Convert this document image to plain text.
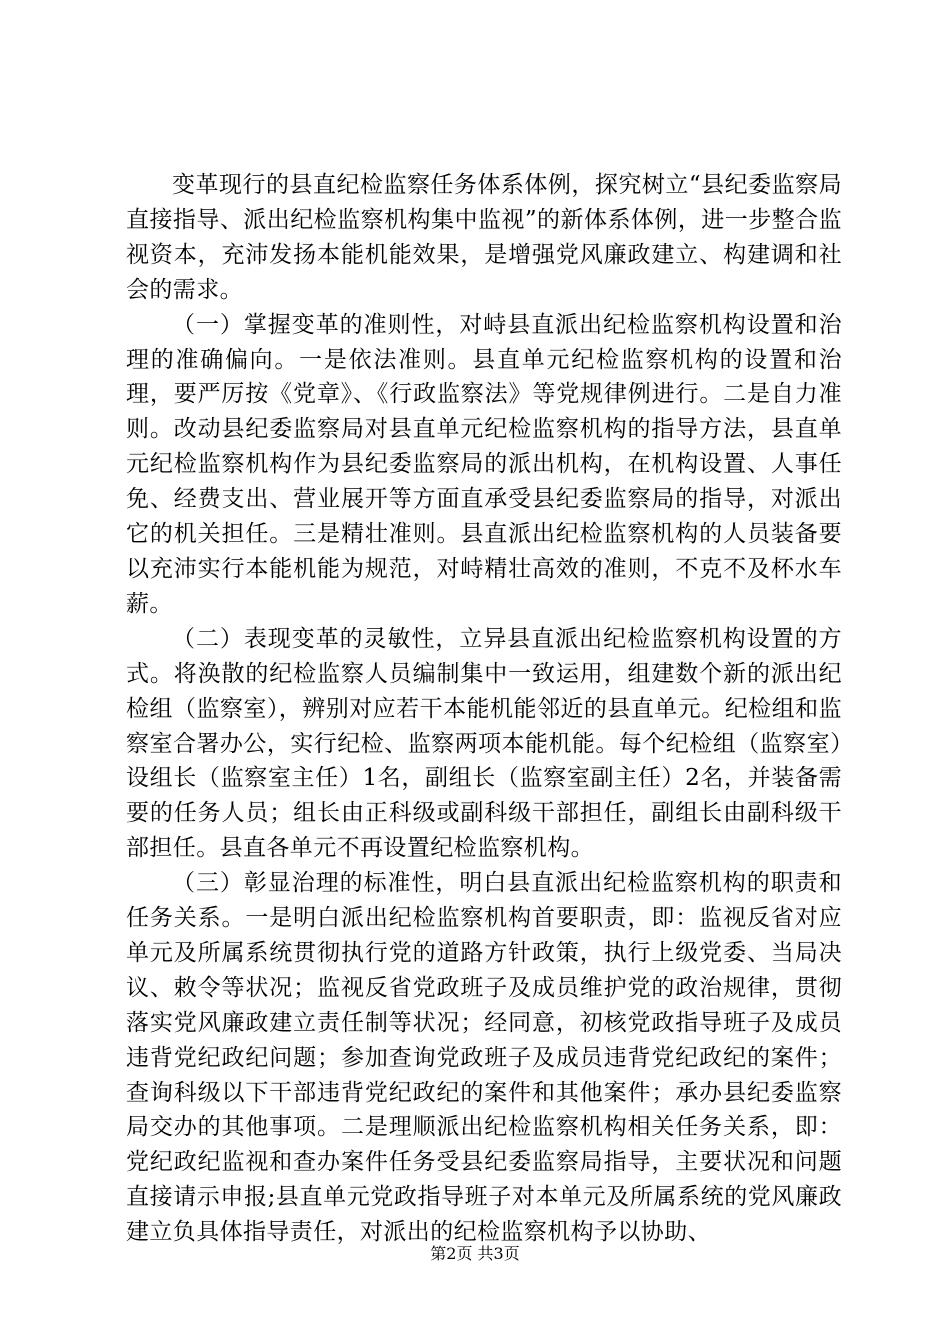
变革现行的县直纪检监察任务体系体例，探究树立“县纪委监察局直接指导、派出纪检监察机构集中监视”的新体系体例，进一步整合监视资本，充沛发扬本能机能效果，是增强党风廉政建立、构建调和社会的需求。

（一）掌握变革的准则性，对峙县直派出纪检监察机构设置和治理的准确偏向。一是依法准则。县直单元纪检监察机构的设置和治理，要严厉按《党章》、《行政监察法》等党规律例进行。二是自力准则。改动县纪委监察局对县直单元纪检监察机构的指导方法，县直单元纪检监察机构作为县纪委监察局的派出机构，在机构设置、人事任免、经费支出、营业展开等方面直承受县纪委监察局的指导，对派出它的机关担任。三是精壮准则。县直派出纪检监察机构的人员装备要以充沛实行本能机能为规范，对峙精壮高效的准则，不克不及杯水车薪。

（二）表现变革的灵敏性，立异县直派出纪检监察机构设置的方式。将涣散的纪检监察人员编制集中一致运用，组建数个新的派出纪检组（监察室），辨别对应若干本能机能邻近的县直单元。纪检组和监察室合署办公，实行纪检、监察两项本能机能。每个纪检组（监察室）设组长（监察室主任）1名，副组长（监察室副主任）2名，并装备需要的任务人员；组长由正科级或副科级干部担任，副组长由副科级干部担任。县直各单元不再设置纪检监察机构。

（三）彰显治理的标准性，明白县直派出纪检监察机构的职责和任务关系。一是明白派出纪检监察机构首要职责，即：监视反省对应单元及所属系统贯彻执行党的道路方针政策，执行上级党委、当局决议、敕令等状况；监视反省党政班子及成员维护党的政治规律，贯彻落实党风廉政建立责任制等状况；经同意，初核党政指导班子及成员违背党纪政纪问题；参加查询党政班子及成员违背党纪政纪的案件；查询科级以下干部违背党纪政纪的案件和其他案件；承办县纪委监察局交办的其他事项。二是理顺派出纪检监察机构相关任务关系，即：党纪政纪监视和查办案件任务受县纪委监察局指导，主要状况和问题直接请示申报;县直单元党政指导班子对本单元及所属系统的党风廉政建立负具体指导责任，对派出的纪检监察机构予以协助、

第2页 共3页
